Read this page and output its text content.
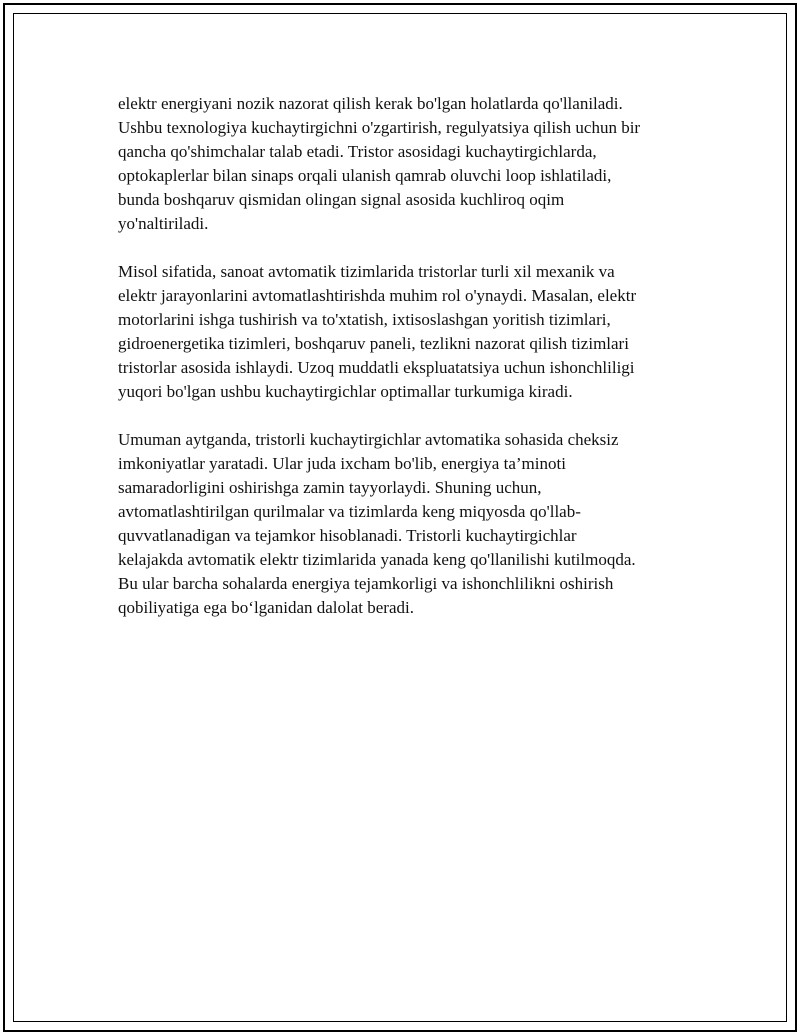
elektr energiyani nozik nazorat qilish kerak bo'lgan holatlarda qo'llaniladi.
Ushbu texnologiya kuchaytirgichni o'zgartirish, regulyatsiya qilish uchun bir
qancha qo'shimchalar talab etadi. Tristor asosidagi kuchaytirgichlarda,
optokaplerlar bilan sinaps orqali ulanish qamrab oluvchi loop ishlatiladi,
bunda boshqaruv qismidan olingan signal asosida kuchliroq oqim
yo'naltiriladi.

Misol sifatida, sanoat avtomatik tizimlarida tristorlar turli xil mexanik va
elektr jarayonlarini avtomatlashtirishda muhim rol o'ynaydi. Masalan, elektr
motorlarini ishga tushirish va to'xtatish, ixtisoslashgan yoritish tizimlari,
gidroenergetika tizimleri, boshqaruv paneli, tezlikni nazorat qilish tizimlari
tristorlar asosida ishlaydi. Uzoq muddatli ekspluatatsiya uchun ishonchliligi
yuqori bo'lgan ushbu kuchaytirgichlar optimallar turkumiga kiradi.

Umuman aytganda, tristorli kuchaytirgichlar avtomatika sohasida cheksiz
imkoniyatlar yaratadi. Ular juda ixcham bo'lib, energiya ta’minoti
samaradorligini oshirishga zamin tayyorlaydi. Shuning uchun,
avtomatlashtirilgan qurilmalar va tizimlarda keng miqyosda qo'llab-
quvvatlanadigan va tejamkor hisoblanadi. Tristorli kuchaytirgichlar
kelajakda avtomatik elektr tizimlarida yanada keng qo'llanilishi kutilmoqda.
Bu ular barcha sohalarda energiya tejamkorligi va ishonchlilikni oshirish
qobiliyatiga ega bo‘lganidan dalolat beradi.
